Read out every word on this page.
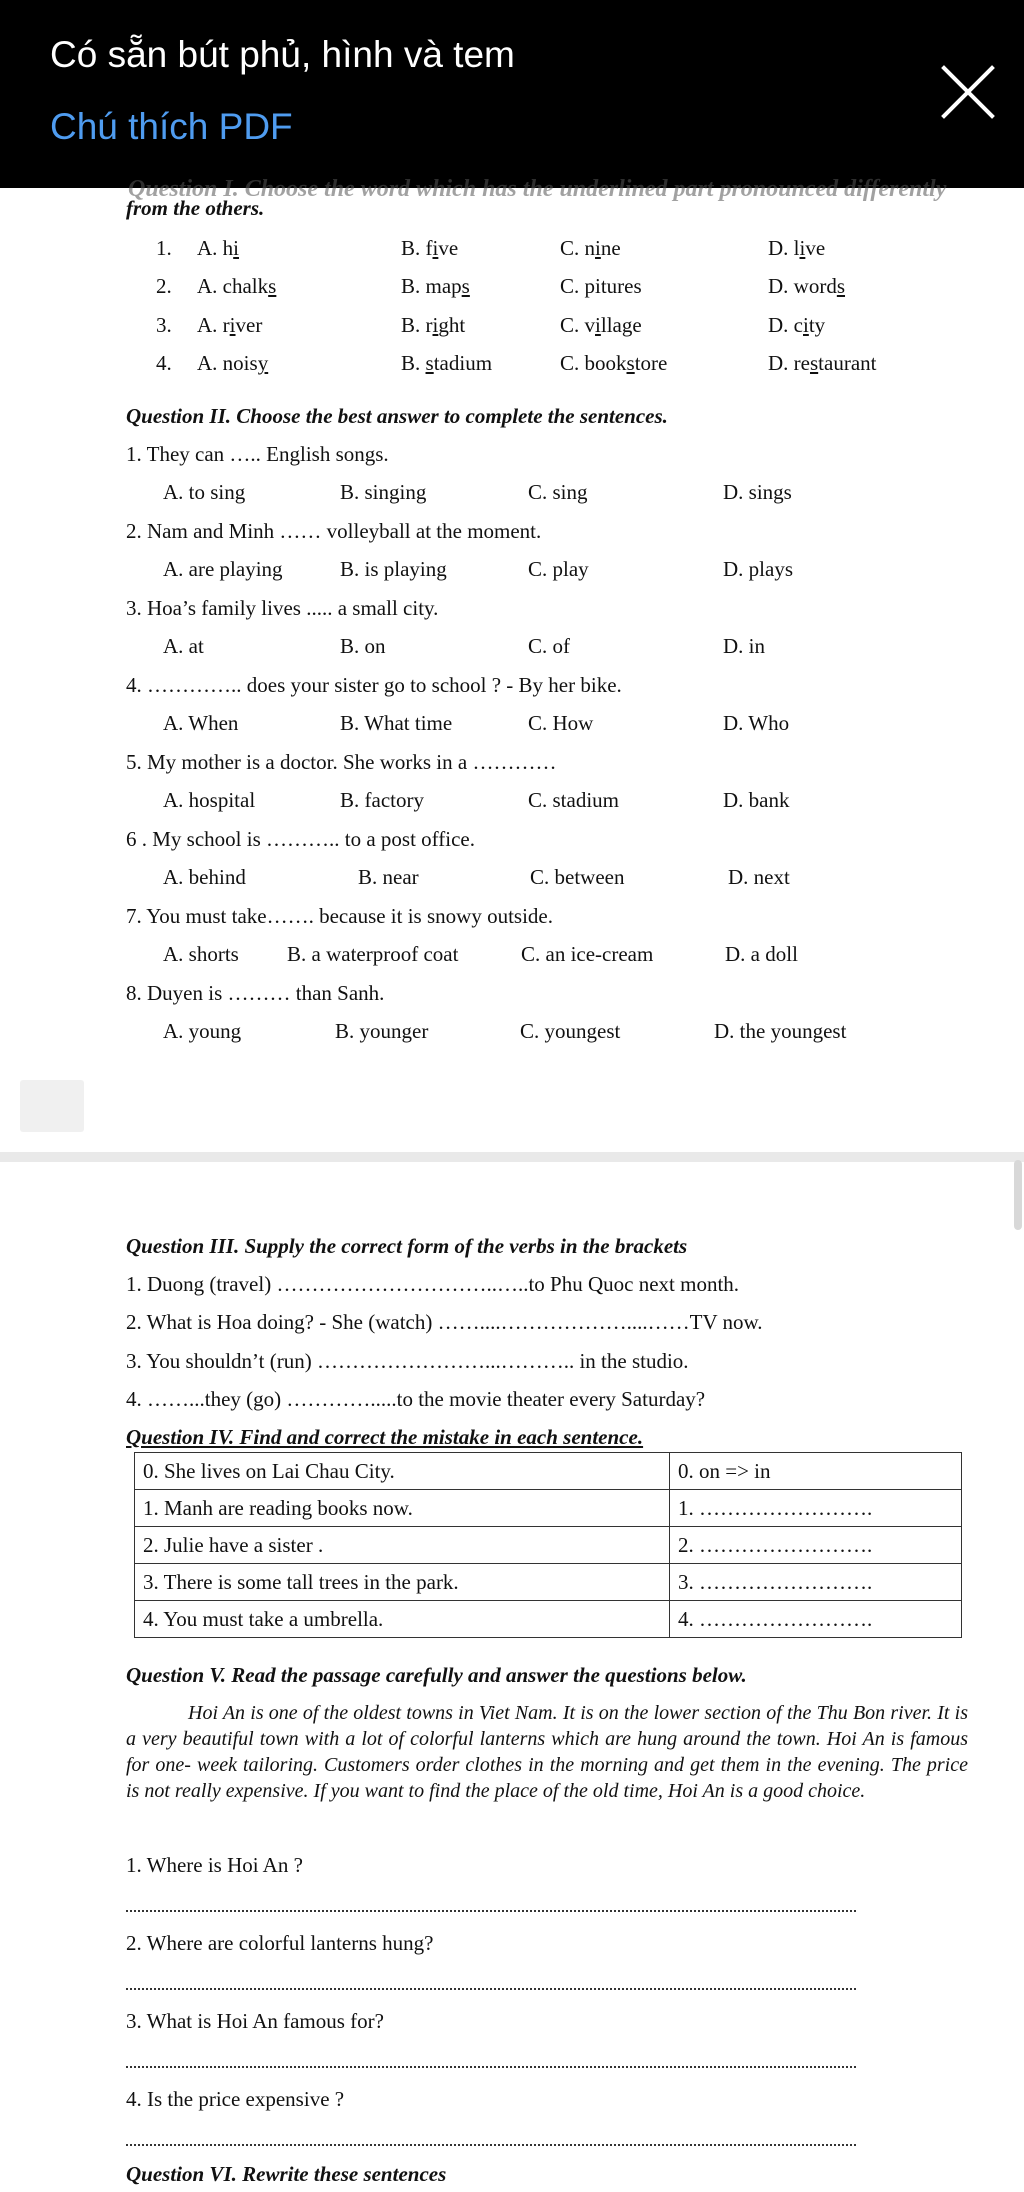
Có sẵn bút phủ, hình và tem
Chú thích PDF
Question I. Choose the word which has the underlined part pronounced differently
from the others.
1. A. hi	B. five	C. nine	D. live
2. A. chalks	B. maps	C. pitures	D. words
3. A. river	B. right	C. village	D. city
4. A. noisy	B. stadium	C. bookstore	D. restaurant
Question II. Choose the best answer to complete the sentences.
1. They can ….. English songs.
A. to sing	B. singing	C. sing	D. sings
2. Nam and Minh …… volleyball at the moment.
A. are playing	B. is playing	C. play	D. plays
3. Hoa’s family lives ..... a small city.
A. at	B. on	C. of	D. in
4. ………….. does your sister go to school ? - By her bike.
A. When	B. What time	C. How	D. Who
5. My mother is a doctor. She works in a …………
A. hospital	B. factory	C. stadium	D. bank
6 . My school is ……….. to a post office.
A. behind	B. near	C. between	D. next
7. You must take……. because it is snowy outside.
A. shorts B. a waterproof coat	C. an ice-cream	D. a doll
8. Duyen is ……… than Sanh.
A. young	B. younger	C. youngest	D. the youngest
Question III. Supply the correct form of the verbs in the brackets
1. Duong (travel) …………………………..…..to Phu Quoc next month.
2. What is Hoa doing? - She (watch) ……....………………....……TV now.
3. You shouldn’t (run) ……………………...……….. in the studio.
4. ……...they (go) ………….....to the movie theater every Saturday?
Question IV. Find and correct the mistake in each sentence.
0. She lives on Lai Chau City.	0. on => in
1. Manh are reading books now.	1. …………………….
2. Julie have a sister .	2. …………………….
3. There is some tall trees in the park.	3. …………………….
4. You must take a umbrella.	4. …………………….
Question V. Read the passage carefully and answer the questions below.
Hoi An is one of the oldest towns in Viet Nam. It is on the lower section of the Thu Bon river. It is a very beautiful town with a lot of colorful lanterns which are hung around the town. Hoi An is famous for one- week tailoring. Customers order clothes in the morning and get them in the evening. The price is not really expensive. If you want to find the place of the old time, Hoi An is a good choice.
1. Where is Hoi An ?
2. Where are colorful lanterns hung?
3. What is Hoi An famous for?
4. Is the price expensive ?
Question VI. Rewrite these sentences
